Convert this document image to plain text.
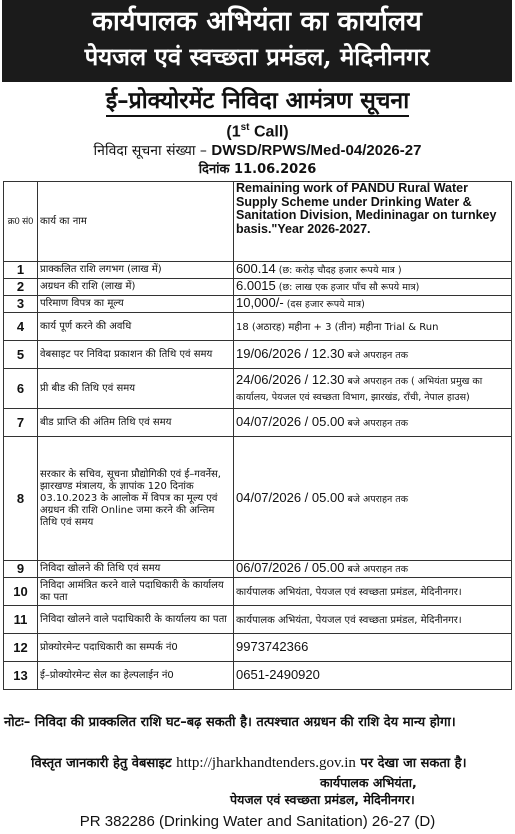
कार्यपालक अभियंता का कार्यालय
पेयजल एवं स्वच्छता प्रमंडल, मेदिनीनगर
ई–प्रोक्योरमेंट निविदा आमंत्रण सूचना
(1st Call)
निविदा सूचना संख्या – DWSD/RPWS/Med-04/2026-27
दिनांक 11.06.2026
क्र0 सं0	कार्य का नाम	Remaining work of PANDU Rural Water Supply Scheme under Drinking Water & Sanitation Division, Medininagar on turnkey basis."Year 2026-2027.
1	प्राक्कलित राशि लगभग (लाख में)	600.14 (छ: करोड़ चौदह हजार रूपये मात्र )
2	अग्रधन की राशि (लाख में)	6.0015 (छ: लाख एक हजार पाँच सौ रूपये मात्र)
3	परिमाण विपत्र का मूल्य	10,000/- (दस हजार रूपये मात्र)
4	कार्य पूर्ण करने की अवधि	18 (अठारह) महीना + 3 (तीन) महीना Trial & Run
5	वेबसाइट पर निविदा प्रकाशन की तिथि एवं समय	19/06/2026 / 12.30 बजे अपराहन तक
6	प्री बीड की तिथि एवं समय	24/06/2026 / 12.30 बजे अपराहन तक ( अभियंता प्रमुख का कार्यालय, पेयजल एवं स्वच्छता विभाग, झारखंड, राँची, नेपाल हाउस)
7	बीड प्राप्ति की अंतिम तिथि एवं समय	04/07/2026 / 05.00 बजे अपराहन तक
8	सरकार के सचिव, सूचना प्रौद्योगिकी एवं ई–गवर्नेस, झारखण्ड मंत्रालय, के ज्ञापांक 120 दिनांक 03.10.2023 के आलोक में विपत्र का मूल्य एवं अग्रधन की राशि Online जमा करने की अन्तिम तिथि एवं समय	04/07/2026 / 05.00 बजे अपराहन तक
9	निविदा खोलने की तिथि एवं समय	06/07/2026 / 05.00 बजे अपराहन तक
10	निविदा आमंत्रित करने वाले पदाधिकारी के कार्यालय का पता	कार्यपालक अभियंता, पेयजल एवं स्वच्छता प्रमंडल, मेदिनीनगर।
11	निविदा खोलने वाले पदाधिकारी के कार्यालय का पता	कार्यपालक अभियंता, पेयजल एवं स्वच्छता प्रमंडल, मेदिनीनगर।
12	प्रोक्योरमेन्ट पदाधिकारी का सम्पर्क नं0	9973742366
13	ई–प्रोक्योरमेन्ट सेल का हेल्पलाईन नं0	0651-2490920
नोटः– निविदा की प्राक्कलित राशि घट–बढ़ सकती है। तत्पश्चात अग्रधन की राशि देय मान्य होगा।
विस्तृत जानकारी हेतु वेबसाइट http://jharkhandtenders.gov.in पर देखा जा सकता है।
कार्यपालक अभियंता,
पेयजल एवं स्वच्छता प्रमंडल, मेदिनीनगर।
PR 382286 (Drinking Water and Sanitation) 26-27 (D)
